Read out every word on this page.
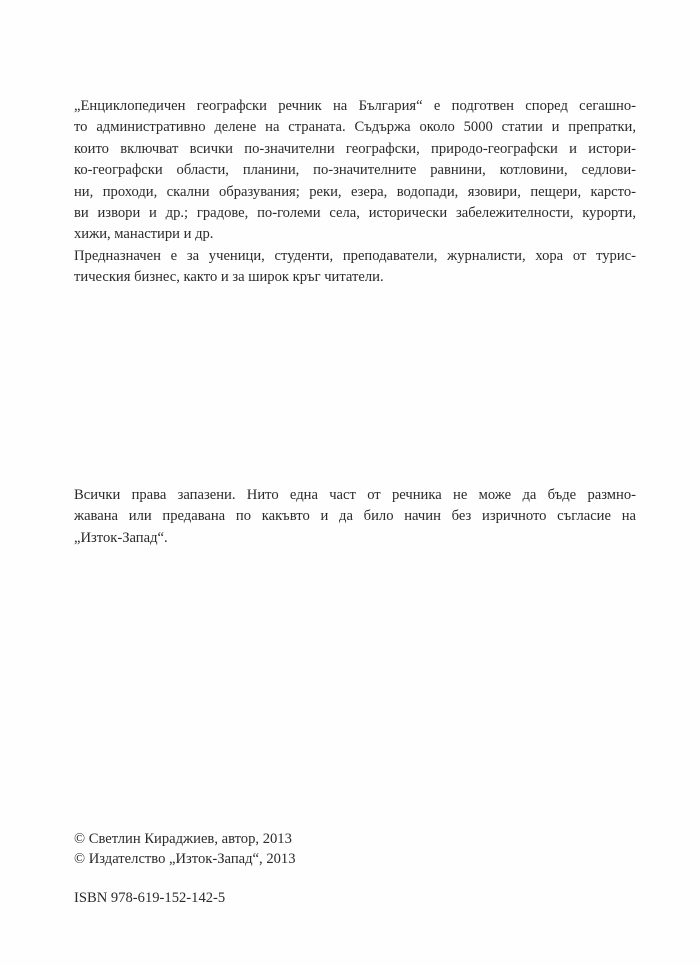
„Енциклопедичен географски речник на България“ е подготвен според сегашно-
то административно делене на страната. Съдържа около 5000 статии и препратки,
които включват всички по-значителни географски, природо-географски и истори-
ко-географски области, планини, по-значителните равнини, котловини, седлови-
ни, проходи, скални образувания; реки, езера, водопади, язовири, пещери, карсто-
ви извори и др.; градове, по-големи села, исторически забележителности, курорти,
хижи, манастири и др.
Предназначен е за ученици, студенти, преподаватели, журналисти, хора от турис-
тическия бизнес, както и за широк кръг читатели.
Всички права запазени. Нито една част от речника не може да бъде размно-
жавана или предавана по какъвто и да било начин без изричното съгласие на
„Изток-Запад“.
© Светлин Кираджиев, автор, 2013
© Издателство „Изток-Запад“, 2013
ISBN 978-619-152-142-5
